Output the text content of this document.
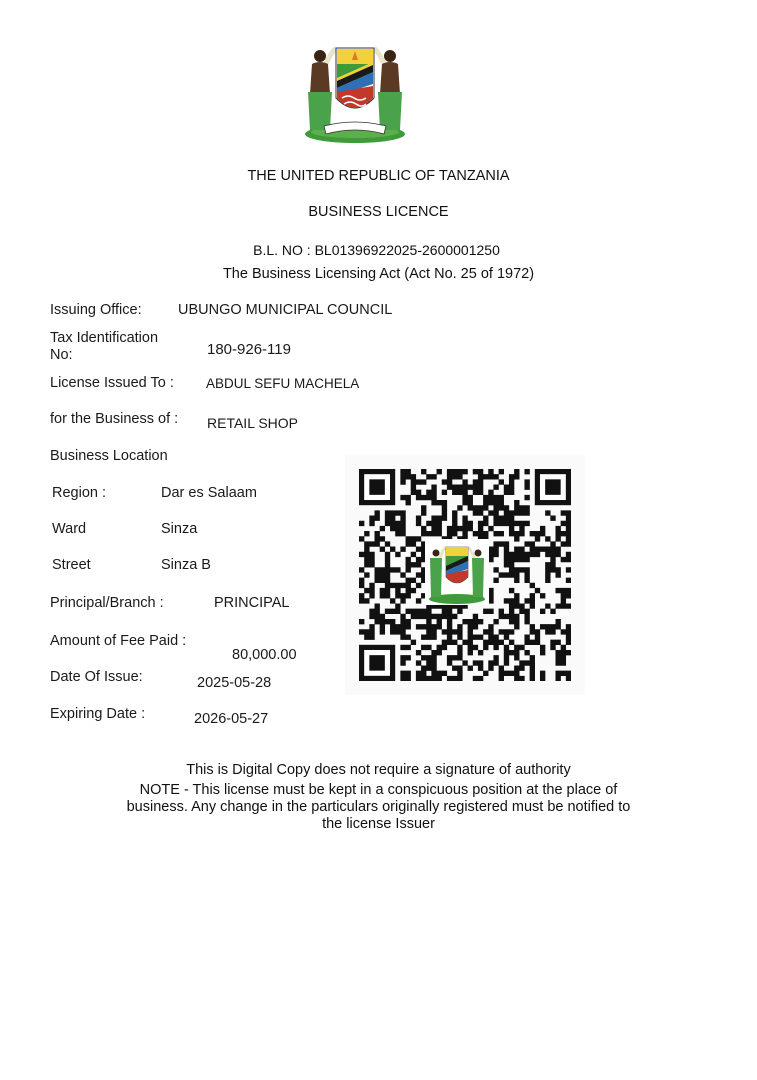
THE UNITED REPUBLIC OF TANZANIA
BUSINESS LICENCE
B.L. NO : BL01396922025-2600001250
The Business Licensing Act (Act No. 25 of 1972)
Issuing Office:	UBUNGO MUNICIPAL COUNCIL
Tax Identification
No:	180-926-119
License Issued To : ABDUL SEFU MACHELA
for the Business of : RETAIL SHOP
Business Location
Region :	Dar es Salaam
Ward	Sinza
Street	Sinza B
Principal/Branch :	PRINCIPAL
Amount of Fee Paid :
80,000.00
Date Of Issue:	2025-05-28
Expiring Date :	2026-05-27
This is Digital Copy does not require a signature of authority
NOTE - This license must be kept in a conspicuous position at the place of
business. Any change in the particulars originally registered must be notified to
the license Issuer
